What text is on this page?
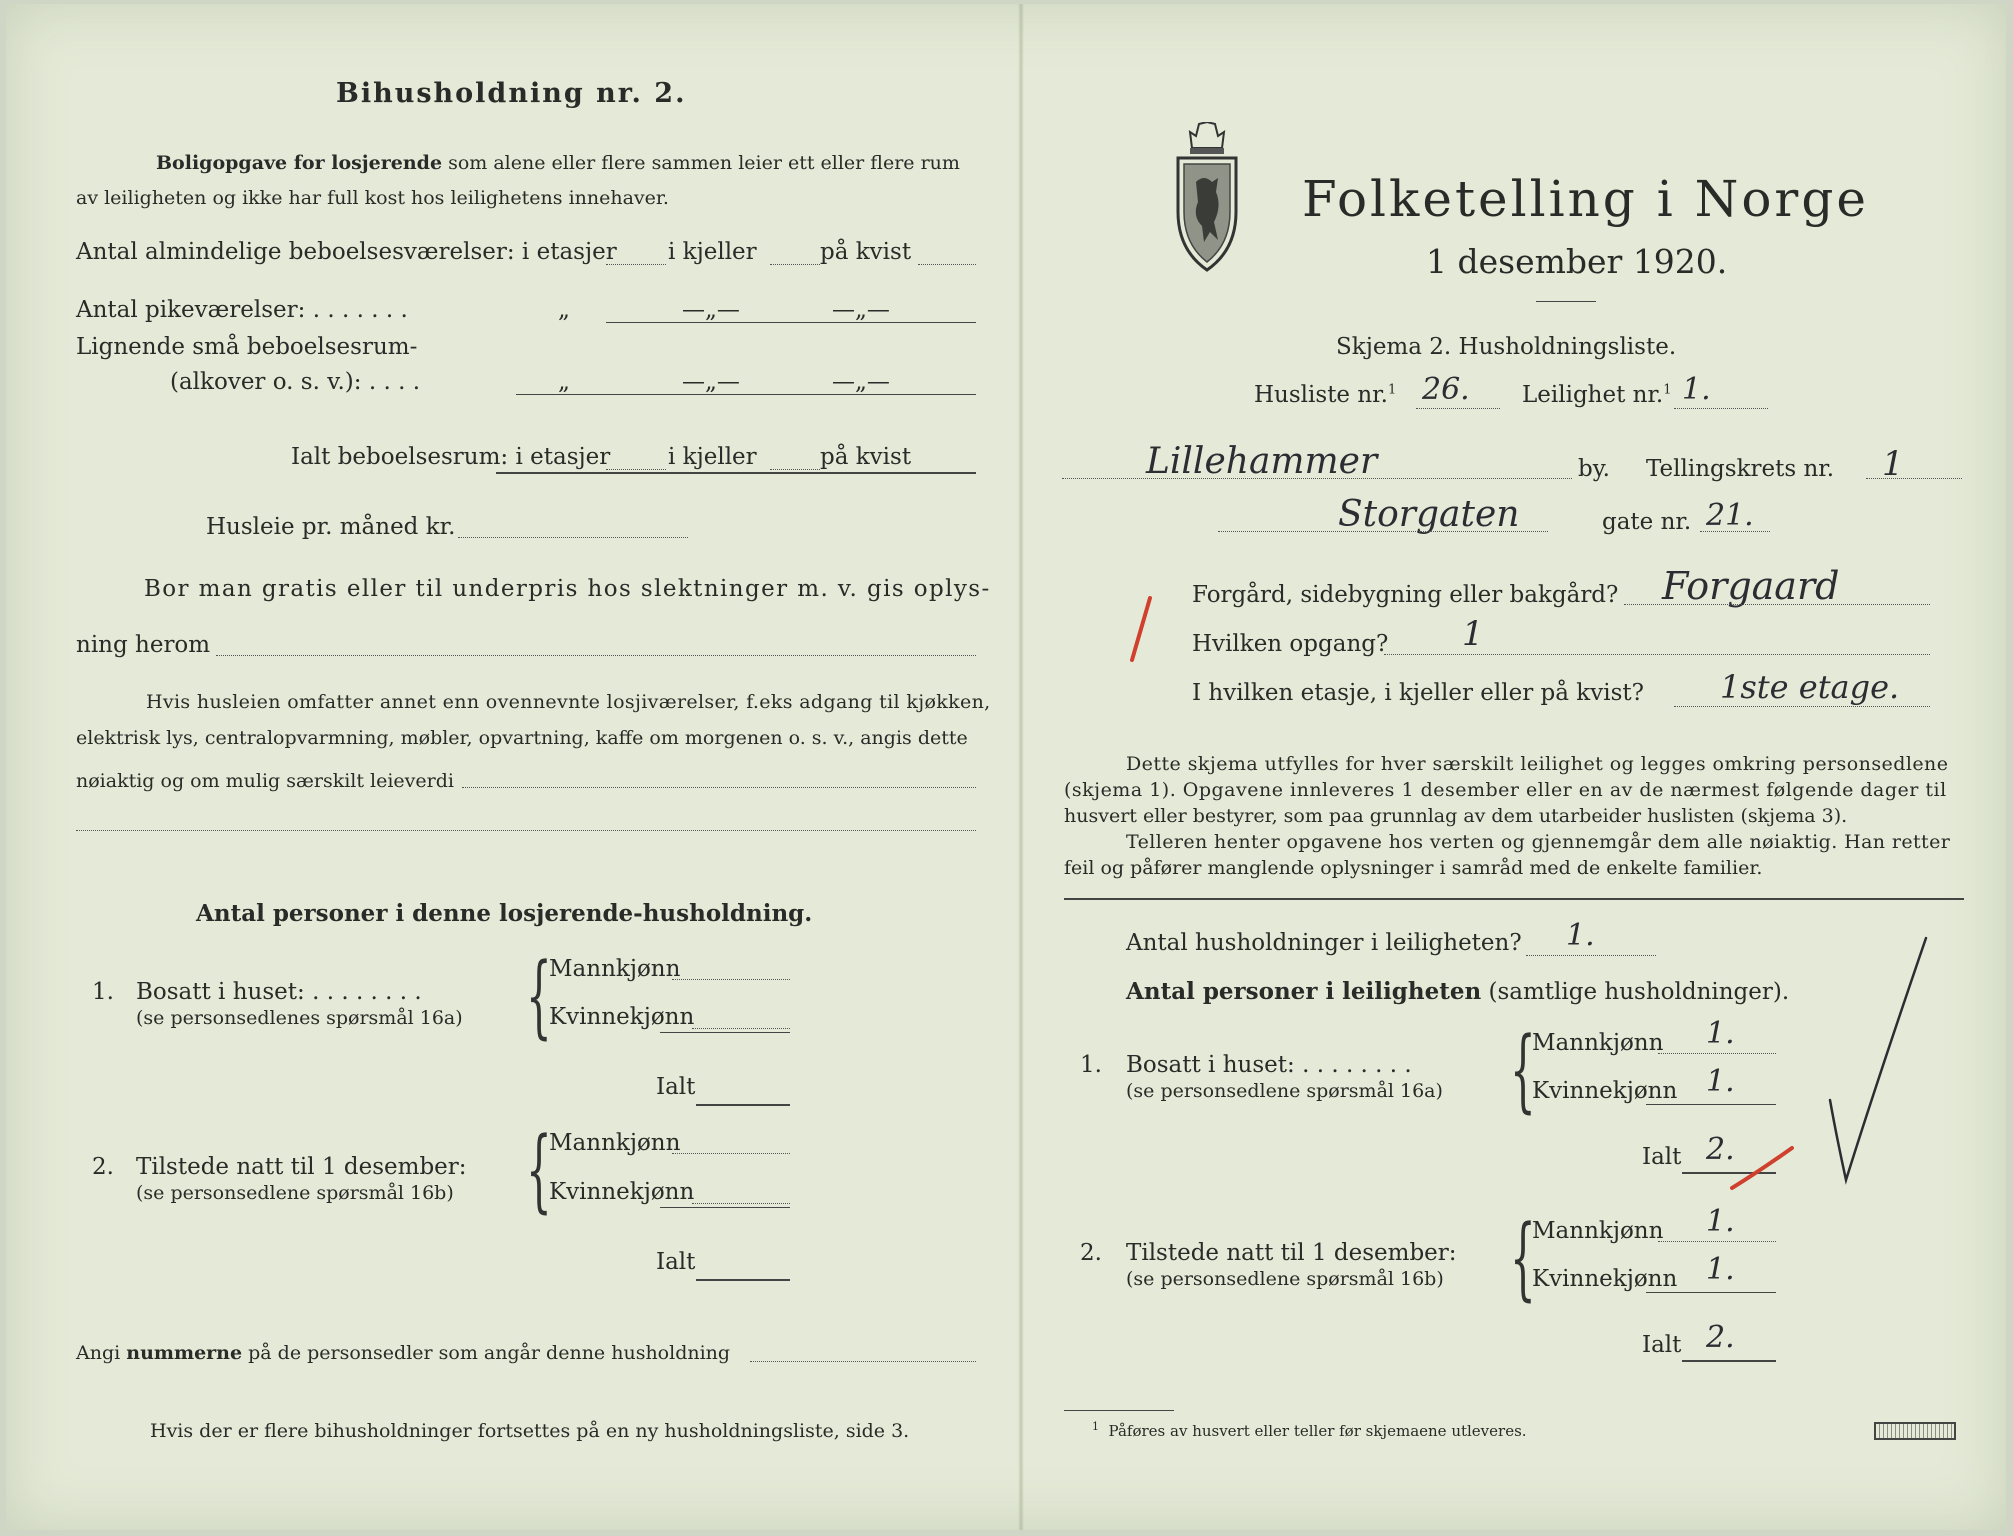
Bihusholdning nr. 2.
Boligopgave for losjerende som alene eller flere sammen leier ett eller flere rum
av leiligheten og ikke har full kost hos leilighetens innehaver.
Antal almindelige beboelsesværelser: i etasjer i kjeller	på kvist
Antal pikeværelser: . . . . . . .	„	—„—	—„—
Lignende små beboelsesrum-
(alkover o. s. v.): . . . .	„	—„—	—„—
Ialt beboelsesrum: i etasjer	i kjeller	på kvist
Husleie pr. måned kr.
Bor man gratis eller til underpris hos slektninger m. v. gis oplys-
ning herom
Hvis husleien omfatter annet enn ovennevnte losjiværelser, f.eks adgang til kjøkken,
elektrisk lys, centralopvarmning, møbler, opvartning, kaffe om morgenen o. s. v., angis dette
nøiaktig og om mulig særskilt leieverdi
Antal personer i denne losjerende-husholdning.
1. Bosatt i huset: . . . . . . . .
(se personsedlenes spørsmål 16a) {
Mannkjønn
Kvinnekjønn
Ialt
2. Tilstede natt til 1 desember:
(se personsedlene spørsmål 16b) {
Mannkjønn
Kvinnekjønn
Ialt
Angi nummerne på de personsedler som angår denne husholdning
Hvis der er flere bihusholdninger fortsettes på en ny husholdningsliste, side 3.
Folketelling i Norge
1 desember 1920.
Skjema 2. Husholdningsliste.
Husliste nr.$^1$ 26. Leilighet nr.$^1$ 1.
Lillehammer	by. Tellingskrets nr. 1
Storgaten	gate nr. 21.
Forgård, sidebygning eller bakgård? Forgaard
Hvilken opgang? 1
I hvilken etasje, i kjeller eller på kvist? 1ste etage.
Dette skjema utfylles for hver særskilt leilighet og legges omkring personsedlene
(skjema 1). Opgavene innleveres 1 desember eller en av de nærmest følgende dager til
husvert eller bestyrer, som paa grunnlag av dem utarbeider huslisten (skjema 3).
Telleren henter opgavene hos verten og gjennemgår dem alle nøiaktig. Han retter
feil og påfører manglende oplysninger i samråd med de enkelte familier.
Antal husholdninger i leiligheten? 1.
Antal personer i leiligheten (samtlige husholdninger).
1. Bosatt i huset: . . . . . . . .
(se personsedlene spørsmål 16a) {
Mannkjønn 1.
Kvinnekjønn 1.
Ialt 2.
2. Tilstede natt til 1 desember:
(se personsedlene spørsmål 16b) {
Mannkjønn 1.
Kvinnekjønn 1.
Ialt 2.
$^1$ Påføres av husvert eller teller før skjemaene utleveres.
